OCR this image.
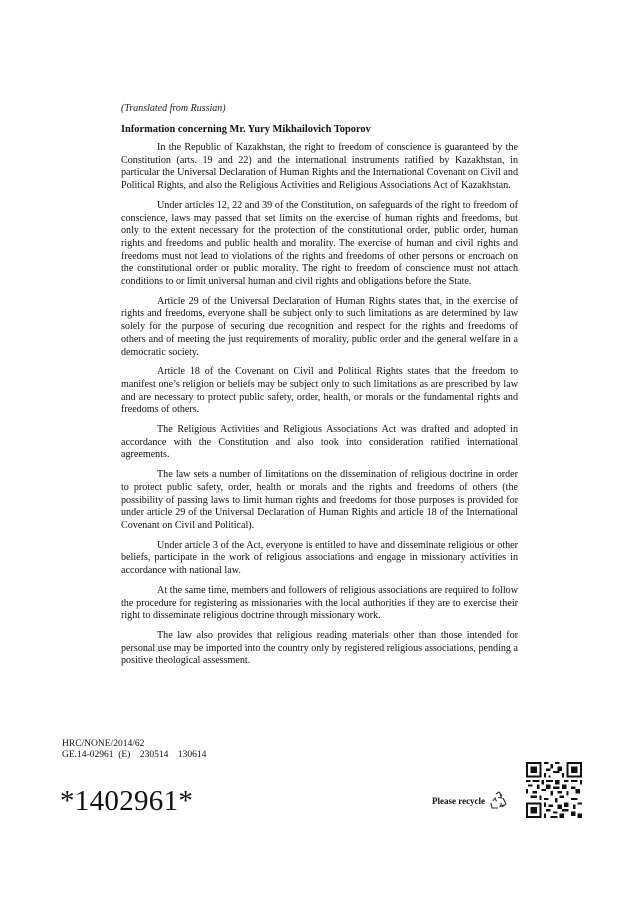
(Translated from Russian)

Information concerning Mr. Yury Mikhailovich Toporov

In the Republic of Kazakhstan, the right to freedom of conscience is guaranteed by the Constitution (arts. 19 and 22) and the international instruments ratified by Kazakhstan, in particular the Universal Declaration of Human Rights and the International Covenant on Civil and Political Rights, and also the Religious Activities and Religious Associations Act of Kazakhstan.

Under articles 12, 22 and 39 of the Constitution, on safeguards of the right to freedom of conscience, laws may passed that set limits on the exercise of human rights and freedoms, but only to the extent necessary for the protection of the constitutional order, public order, human rights and freedoms and public health and morality. The exercise of human and civil rights and freedoms must not lead to violations of the rights and freedoms of other persons or encroach on the constitutional order or public morality. The right to freedom of conscience must not attach conditions to or limit universal human and civil rights and obligations before the State.

Article 29 of the Universal Declaration of Human Rights states that, in the exercise of rights and freedoms, everyone shall be subject only to such limitations as are determined by law solely for the purpose of securing due recognition and respect for the rights and freedoms of others and of meeting the just requirements of morality, public order and the general welfare in a democratic society.

Article 18 of the Covenant on Civil and Political Rights states that the freedom to manifest one’s religion or beliefs may be subject only to such limitations as are prescribed by law and are necessary to protect public safety, order, health, or morals or the fundamental rights and freedoms of others.

The Religious Activities and Religious Associations Act was drafted and adopted in accordance with the Constitution and also took into consideration ratified international agreements.

The law sets a number of limitations on the dissemination of religious doctrine in order to protect public safety, order, health or morals and the rights and freedoms of others (the possibility of passing laws to limit human rights and freedoms for those purposes is provided for under article 29 of the Universal Declaration of Human Rights and article 18 of the International Covenant on Civil and Political).

Under article 3 of the Act, everyone is entitled to have and disseminate religious or other beliefs, participate in the work of religious associations and engage in missionary activities in accordance with national law.

At the same time, members and followers of religious associations are required to follow the procedure for registering as missionaries with the local authorities if they are to exercise their right to disseminate religious doctrine through missionary work.

The law also provides that religious reading materials other than those intended for personal use may be imported into the country only by registered religious associations, pending a positive theological assessment.

HRC/NONE/2014/62
GE.14-02961  (E)    230514    130614
*1402961*	Please recycle
